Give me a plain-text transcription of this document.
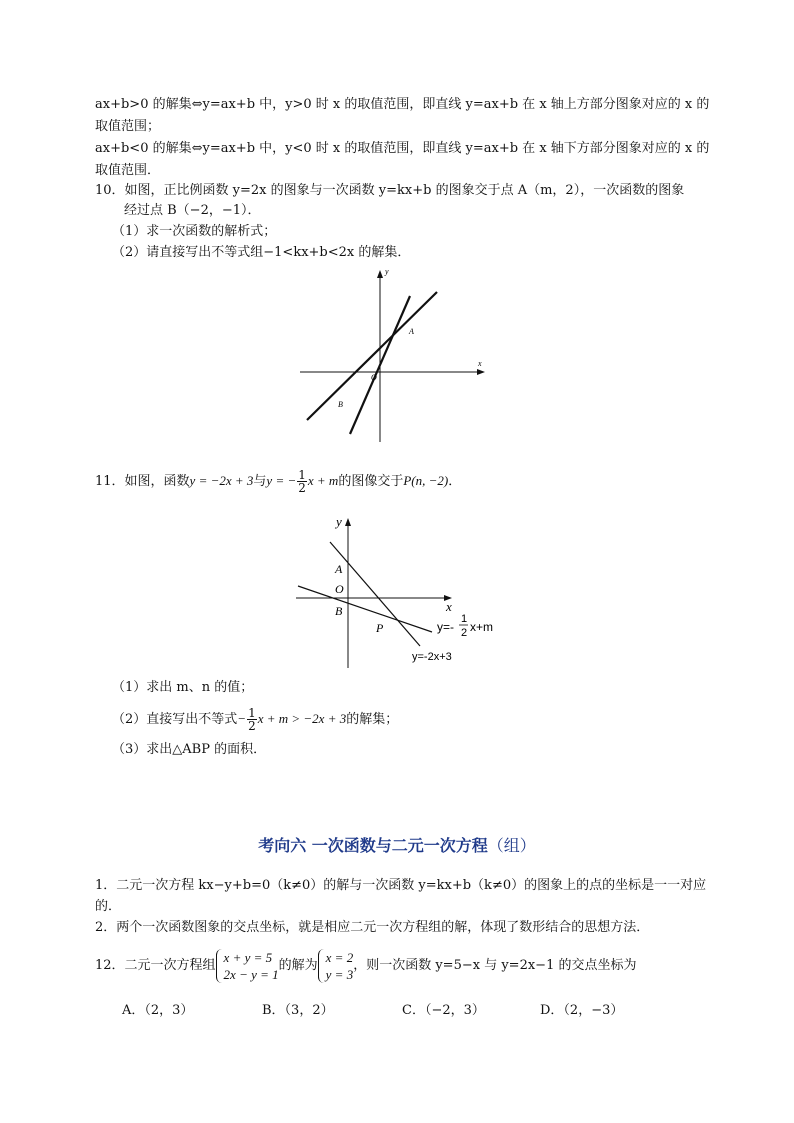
ax+b>0 的解集⇔y=ax+b 中，y>0 时 x 的取值范围，即直线 y=ax+b 在 x 轴上方部分图象对应的 x 的
取值范围；
ax+b<0 的解集⇔y=ax+b 中，y<0 时 x 的取值范围，即直线 y=ax+b 在 x 轴下方部分图象对应的 x 的
取值范围．
10．如图，正比例函数 y=2x 的图象与一次函数 y=kx+b 的图象交于点 A（m，2），一次函数的图象
经过点 B（−2，−1）．
（1）求一次函数的解析式；
（2）请直接写出不等式组−1<kx+b<2x 的解集．
x
y
O
A
B
11．如图，函数y = −2x + 3与y = − $\frac{1}{2}$ x + m的图像交于P(n, −2)．
y
x
A
O
B
P	y=-
1
2 x+m
y=-2x+3
（1）求出 m、n 的值；
（2）直接写出不等式− $\frac{1}{2}$ x + m > −2x + 3的解集；
（3）求出△ABP 的面积．
考向六 一次函数与二元一次方程（组）
1．二元一次方程 kx−y+b=0（k≠0）的解与一次函数 y=kx+b（k≠0）的图象上的点的坐标是一一对应
的．
2．两个一次函数图象的交点坐标，就是相应二元一次方程组的解，体现了数形结合的思想方法．
12．二元一次方程组
x + y = 5
2x − y = 1
的解为
x = 2
y = 3
，则一次函数 y=5−x 与 y=2x−1 的交点坐标为
A．（2，3）	B．（3，2）	C．（−2，3）	D．（2，−3）
